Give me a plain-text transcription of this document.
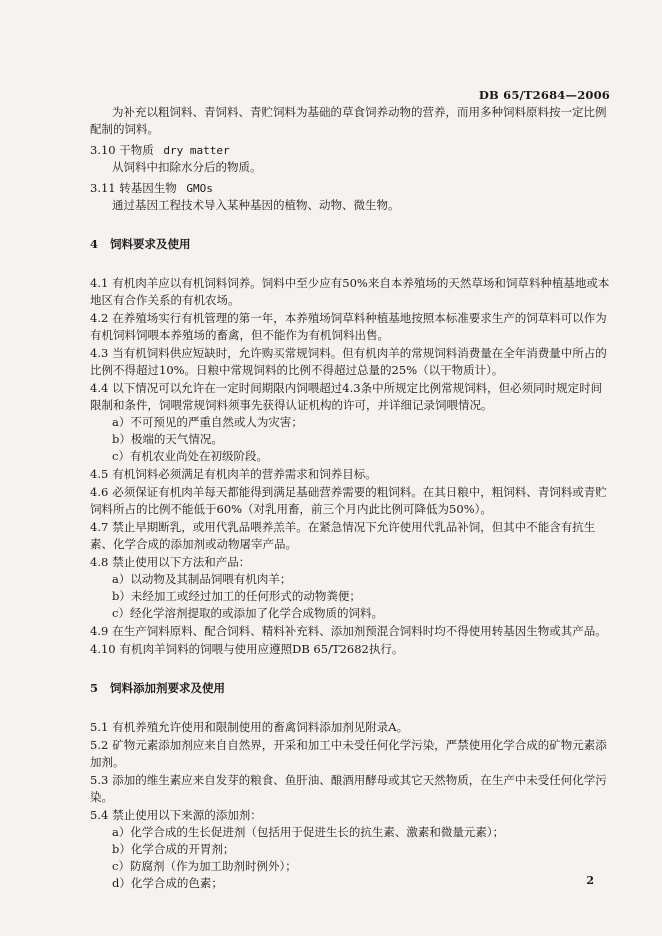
DB 65/T2684—2006

为补充以粗饲料、青饲料、青贮饲料为基础的草食饲养动物的营养，而用多种饲料原料按一定比例

配制的饲料。

3.10 干物质 dry matter

从饲料中扣除水分后的物质。

3.11 转基因生物 GMOs

通过基因工程技术导入某种基因的植物、动物、微生物。

4 饲料要求及使用

4.1 有机肉羊应以有机饲料饲养。饲料中至少应有50%来自本养殖场的天然草场和饲草料种植基地或本地区有合作关系的有机农场。

4.2 在养殖场实行有机管理的第一年，本养殖场饲草料种植基地按照本标准要求生产的饲草料可以作为有机饲料饲喂本养殖场的畜禽，但不能作为有机饲料出售。

4.3 当有机饲料供应短缺时，允许购买常规饲料。但有机肉羊的常规饲料消费量在全年消费量中所占的比例不得超过10%。日粮中常规饲料的比例不得超过总量的25%（以干物质计）。

4.4 以下情况可以允许在一定时间期限内饲喂超过4.3条中所规定比例常规饲料，但必须同时规定时间限制和条件，饲喂常规饲料须事先获得认证机构的许可，并详细记录饲喂情况。

a）不可预见的严重自然或人为灾害；

b）极端的天气情况。

c）有机农业尚处在初级阶段。

4.5 有机饲料必须满足有机肉羊的营养需求和饲养目标。

4.6 必须保证有机肉羊每天都能得到满足基础营养需要的粗饲料。在其日粮中，粗饲料、青饲料或青贮饲料所占的比例不能低于60%（对乳用畜，前三个月内此比例可降低为50%）。

4.7 禁止早期断乳，或用代乳品喂养羔羊。在紧急情况下允许使用代乳品补饲，但其中不能含有抗生素、化学合成的添加剂或动物屠宰产品。

4.8 禁止使用以下方法和产品：

a）以动物及其制品饲喂有机肉羊；

b）未经加工或经过加工的任何形式的动物粪便；

c）经化学溶剂提取的或添加了化学合成物质的饲料。

4.9 在生产饲料原料、配合饲料、精料补充料、添加剂预混合饲料时均不得使用转基因生物或其产品。

4.10 有机肉羊饲料的饲喂与使用应遵照DB 65/T2682执行。

5 饲料添加剂要求及使用

5.1 有机养殖允许使用和限制使用的畜禽饲料添加剂见附录A。

5.2 矿物元素添加剂应来自自然界，开采和加工中未受任何化学污染，严禁使用化学合成的矿物元素添加剂。

5.3 添加的维生素应来自发芽的粮食、鱼肝油、酿酒用酵母或其它天然物质，在生产中未受任何化学污染。

5.4 禁止使用以下来源的添加剂：

a）化学合成的生长促进剂（包括用于促进生长的抗生素、激素和微量元素）；

b）化学合成的开胃剂；

c）防腐剂（作为加工助剂时例外）；

d）化学合成的色素；	2
